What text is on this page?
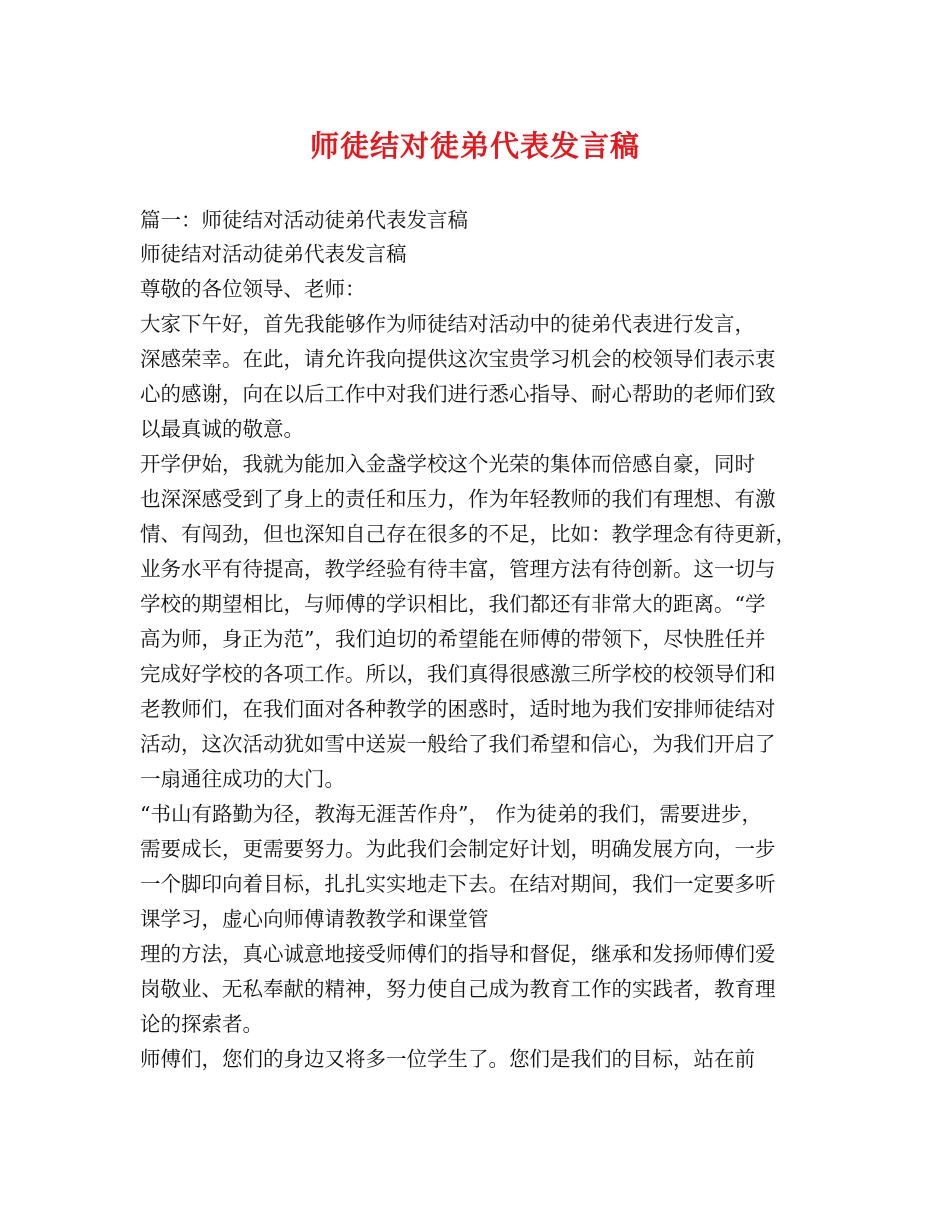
师徒结对徒弟代表发言稿
篇一：师徒结对活动徒弟代表发言稿
师徒结对活动徒弟代表发言稿
尊敬的各位领导、老师：
大家下午好，首先我能够作为师徒结对活动中的徒弟代表进行发言，
深感荣幸。在此，请允许我向提供这次宝贵学习机会的校领导们表示衷
心的感谢，向在以后工作中对我们进行悉心指导、耐心帮助的老师们致
以最真诚的敬意。
开学伊始，我就为能加入金盏学校这个光荣的集体而倍感自豪，同时
也深深感受到了身上的责任和压力，作为年轻教师的我们有理想、有激
情、有闯劲，但也深知自己存在很多的不足，比如：教学理念有待更新，
业务水平有待提高，教学经验有待丰富，管理方法有待创新。这一切与
学校的期望相比，与师傅的学识相比，我们都还有非常大的距离。“学
高为师，身正为范”，我们迫切的希望能在师傅的带领下，尽快胜任并
完成好学校的各项工作。所以，我们真得很感激三所学校的校领导们和
老教师们，在我们面对各种教学的困惑时，适时地为我们安排师徒结对
活动，这次活动犹如雪中送炭一般给了我们希望和信心，为我们开启了
一扇通往成功的大门。
“书山有路勤为径，教海无涯苦作舟”， 作为徒弟的我们，需要进步，
需要成长，更需要努力。为此我们会制定好计划，明确发展方向，一步
一个脚印向着目标，扎扎实实地走下去。在结对期间，我们一定要多听
课学习，虚心向师傅请教教学和课堂管
理的方法，真心诚意地接受师傅们的指导和督促，继承和发扬师傅们爱
岗敬业、无私奉献的精神，努力使自己成为教育工作的实践者，教育理
论的探索者。
师傅们，您们的身边又将多一位学生了。您们是我们的目标，站在前
